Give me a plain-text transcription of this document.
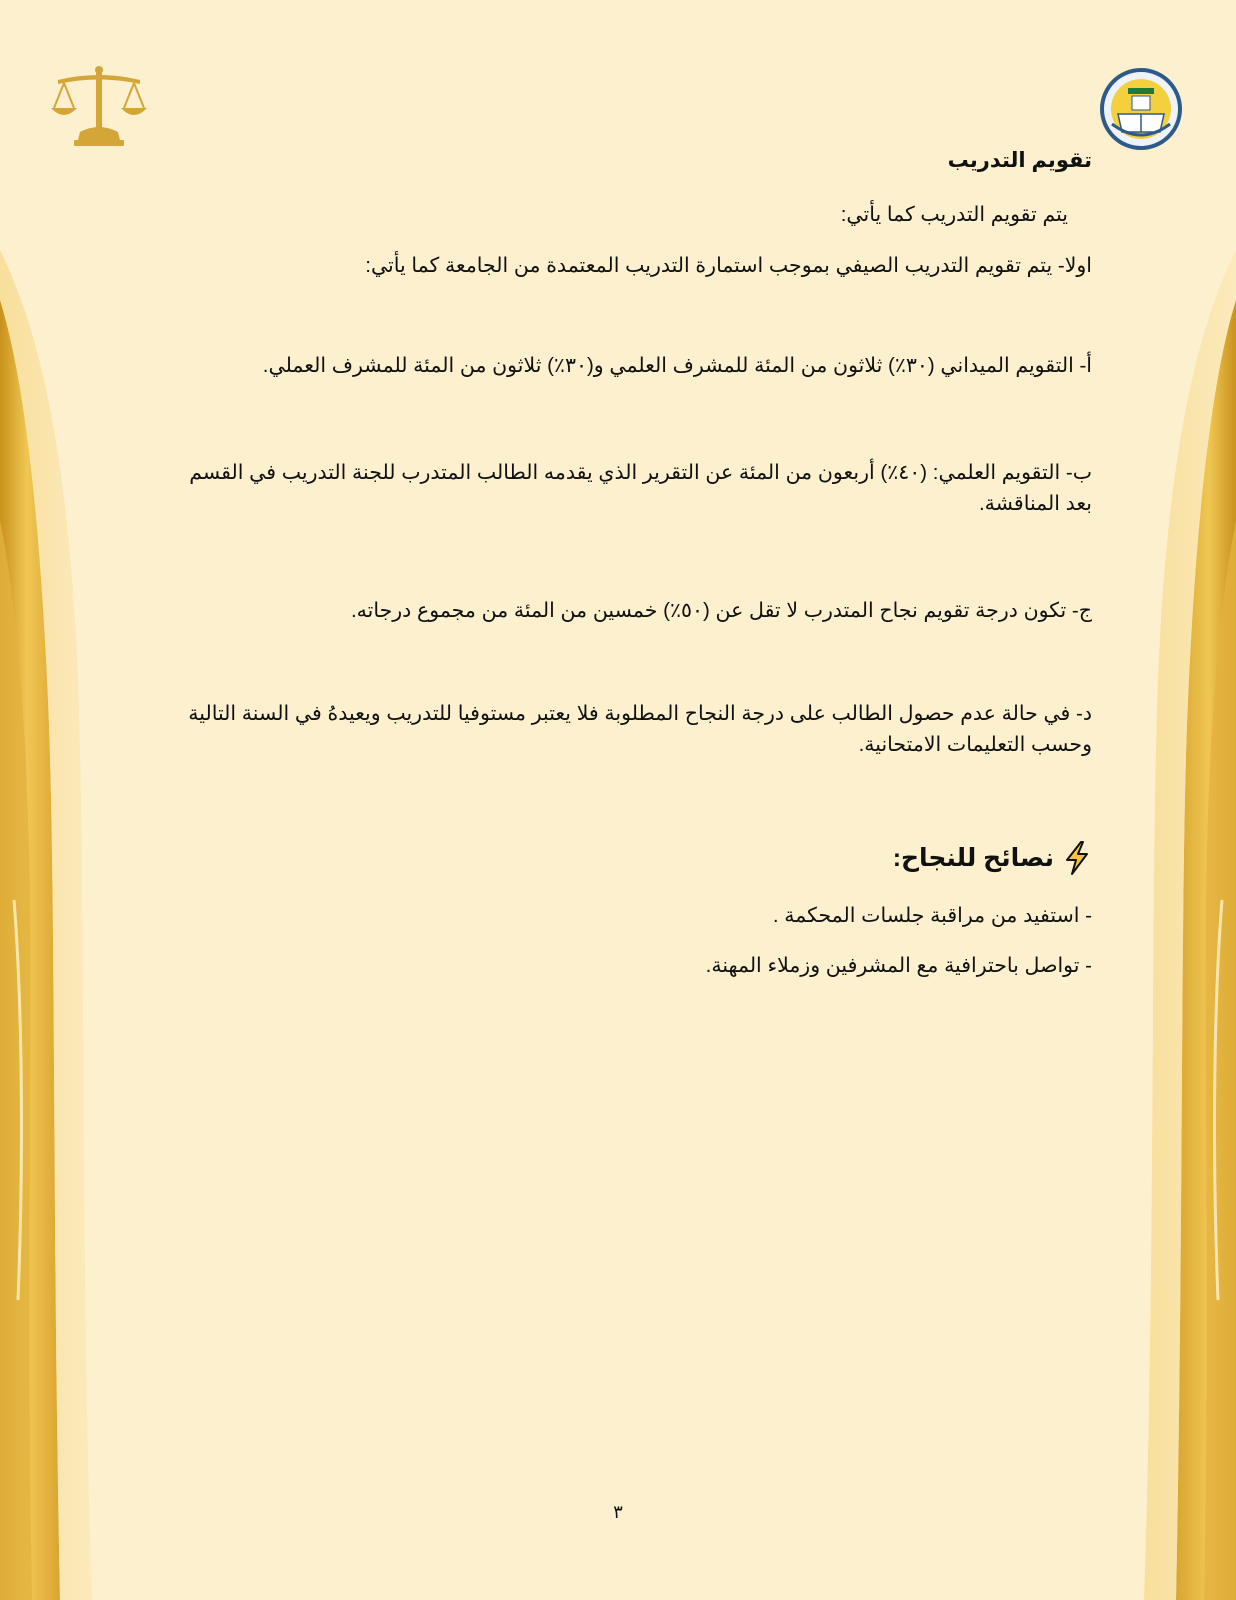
تقويم التدريب
يتم تقويم التدريب كما يأتي:
اولا- يتم تقويم التدريب الصيفي بموجب استمارة التدريب المعتمدة من الجامعة كما يأتي:
أ- التقويم الميداني (٣٠٪) ثلاثون من المئة للمشرف العلمي و(٣٠٪) ثلاثون من المئة للمشرف العملي.
ب- التقويم العلمي: (٤٠٪) أربعون من المئة عن التقرير الذي يقدمه الطالب المتدرب للجنة التدريب في القسم بعد المناقشة.
ج- تكون درجة تقويم نجاح المتدرب لا تقل عن (٥٠٪) خمسين من المئة من مجموع درجاته.
د- في حالة عدم حصول الطالب على درجة النجاح المطلوبة فلا يعتبر مستوفيا للتدريب ويعيدهُ في السنة التالية وحسب التعليمات الامتحانية.
نصائح للنجاح:
- استفيد من مراقبة جلسات المحكمة .
- تواصل باحترافية مع المشرفين وزملاء المهنة.
٣
